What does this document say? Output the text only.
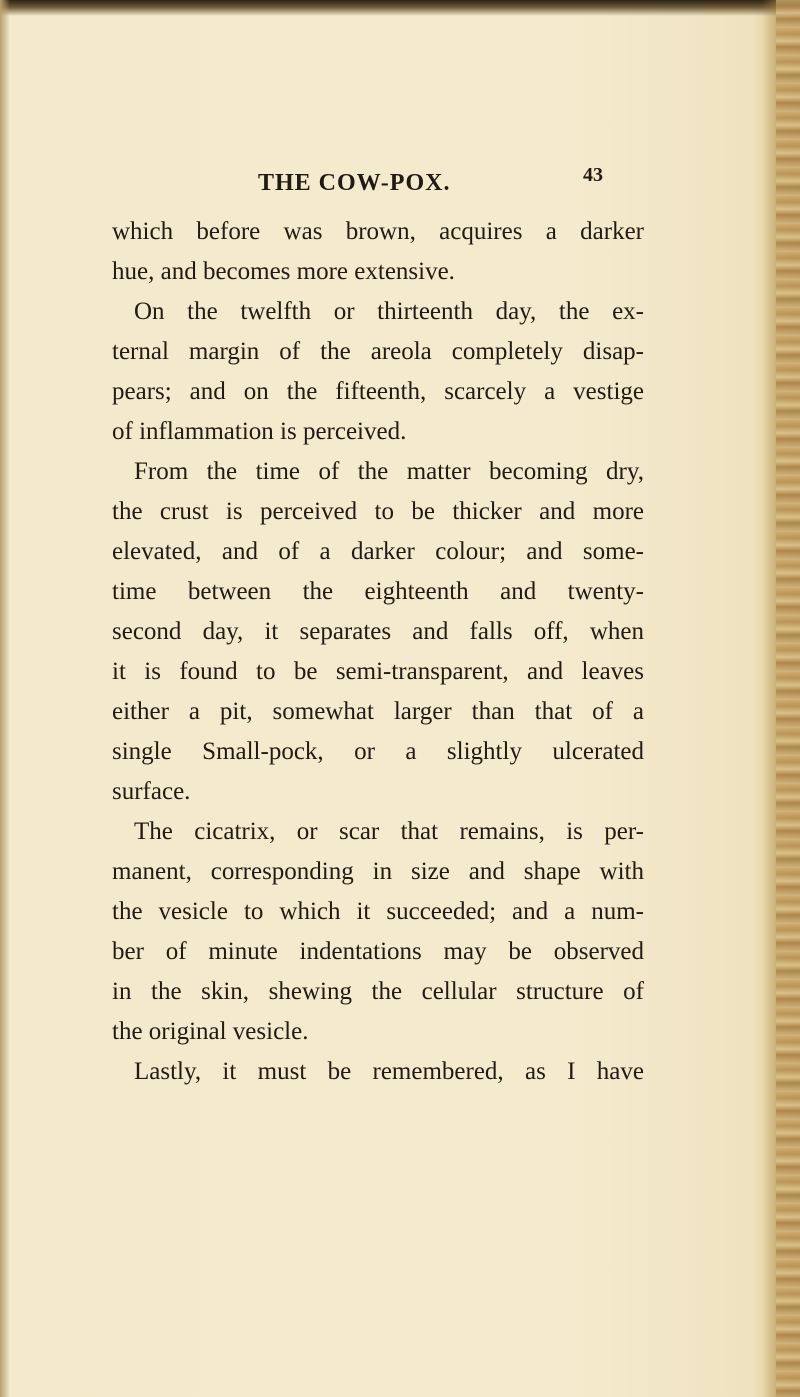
THE COW-POX.	43
which before was brown, acquires a darker
hue, and becomes more extensive.
On the twelfth or thirteenth day, the ex-
ternal margin of the areola completely disap-
pears; and on the fifteenth, scarcely a vestige
of inflammation is perceived.
From the time of the matter becoming dry,
the crust is perceived to be thicker and more
elevated, and of a darker colour; and some-
time between the eighteenth and twenty-
second day, it separates and falls off, when
it is found to be semi-transparent, and leaves
either a pit, somewhat larger than that of a
single Small-pock, or a slightly ulcerated
surface.
The cicatrix, or scar that remains, is per-
manent, corresponding in size and shape with
the vesicle to which it succeeded; and a num-
ber of minute indentations may be observed
in the skin, shewing the cellular structure of
the original vesicle.
Lastly, it must be remembered, as I have
